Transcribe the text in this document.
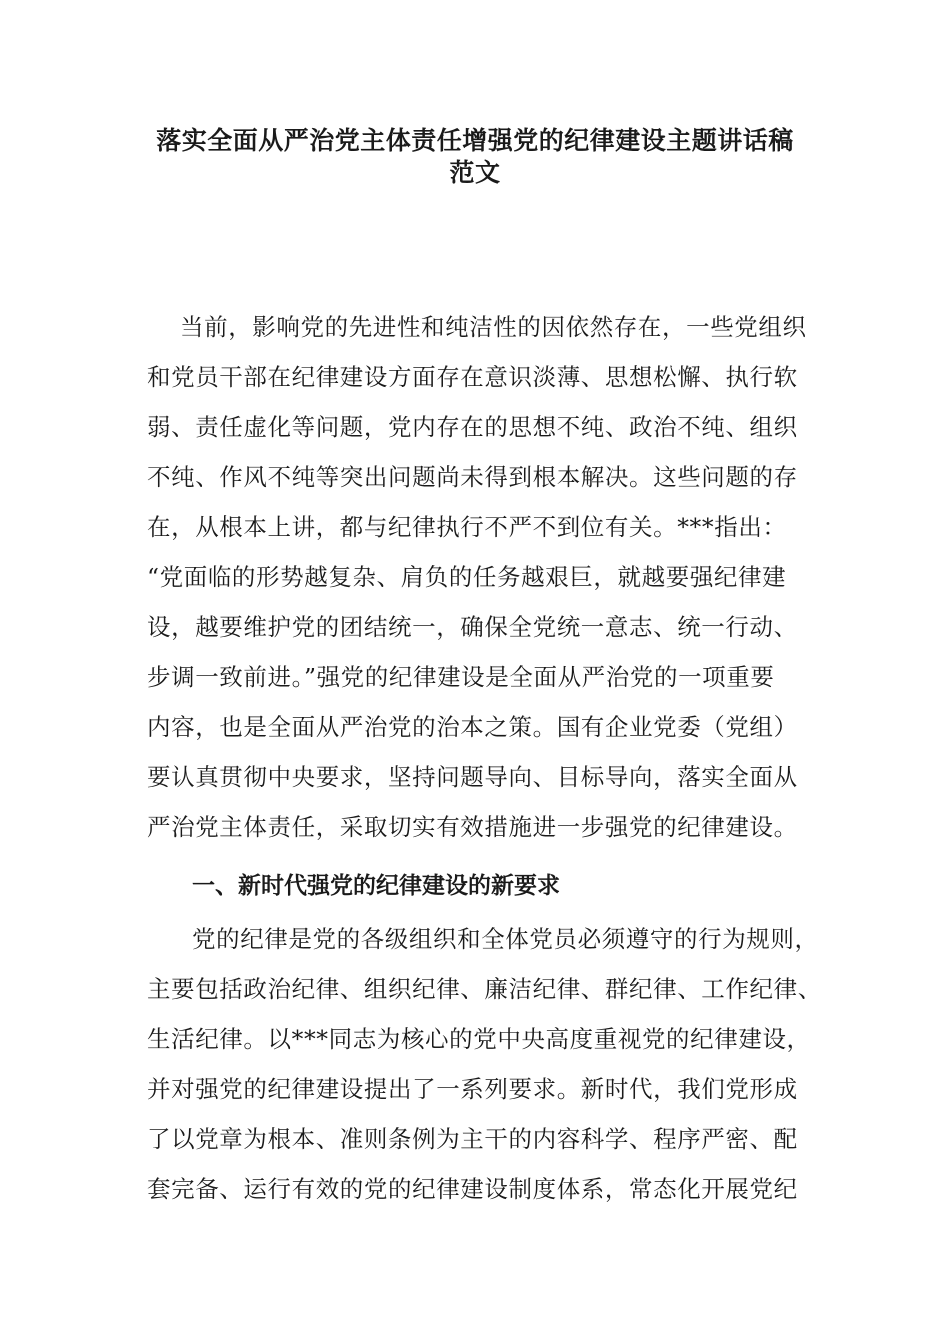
落实全面从严治党主体责任增强党的纪律建设主题讲话稿
范文
当前，影响党的先进性和纯洁性的因依然存在，一些党组织
和党员干部在纪律建设方面存在意识淡薄、思想松懈、执行软
弱、责任虚化等问题，党内存在的思想不纯、政治不纯、组织
不纯、作风不纯等突出问题尚未得到根本解决。这些问题的存
在，从根本上讲，都与纪律执行不严不到位有关。***指出：
“党面临的形势越复杂、肩负的任务越艰巨，就越要强纪律建
设，越要维护党的团结统一，确保全党统一意志、统一行动、
步调一致前进。”强党的纪律建设是全面从严治党的一项重要
内容，也是全面从严治党的治本之策。国有企业党委（党组）
要认真贯彻中央要求，坚持问题导向、目标导向，落实全面从
严治党主体责任，采取切实有效措施进一步强党的纪律建设。
一、新时代强党的纪律建设的新要求
党的纪律是党的各级组织和全体党员必须遵守的行为规则，
主要包括政治纪律、组织纪律、廉洁纪律、群纪律、工作纪律、
生活纪律。以***同志为核心的党中央高度重视党的纪律建设，
并对强党的纪律建设提出了一系列要求。新时代，我们党形成
了以党章为根本、准则条例为主干的内容科学、程序严密、配
套完备、运行有效的党的纪律建设制度体系，常态化开展党纪
